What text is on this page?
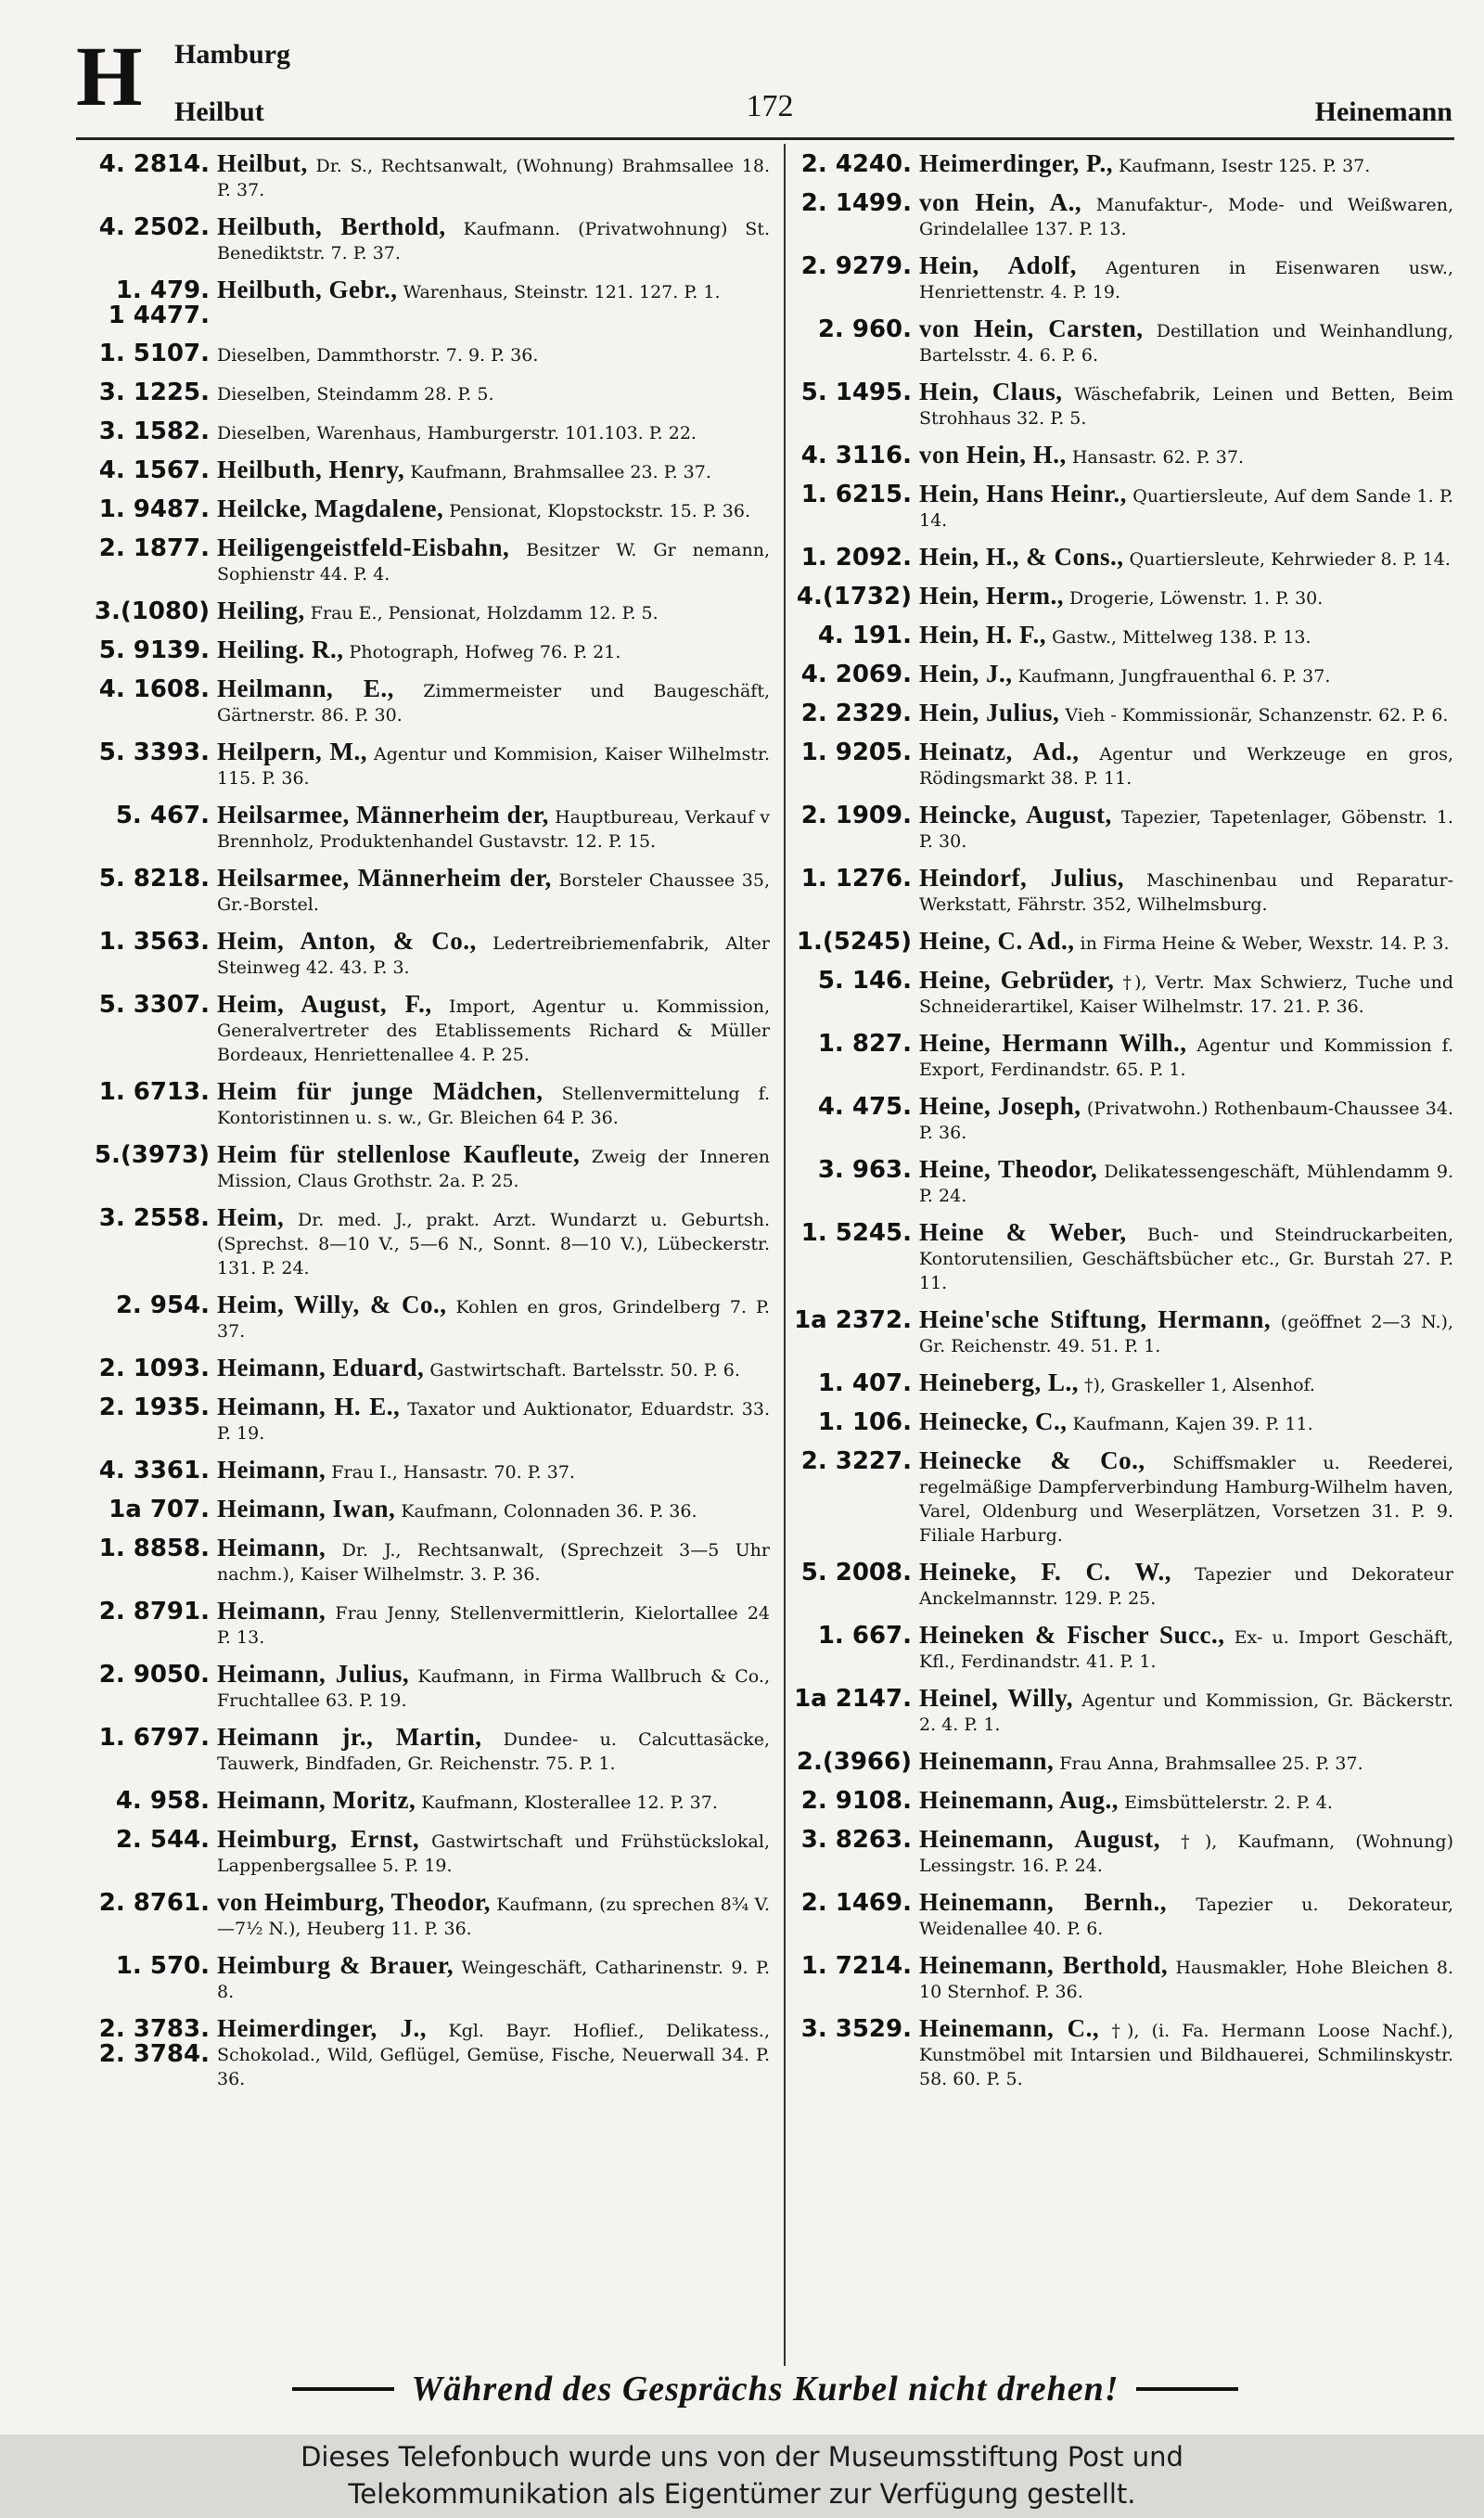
H Hamburg
Heilbut	172	Heinemann
4. 2814. Heilbut, Dr. S., Rechtsanwalt, (Wohnung) Brahmsallee 18. P. 37.
4. 2502. Heilbuth, Berthold, Kaufmann. (Privatwohnung) St. Benediktstr. 7. P. 37.
1. 479.
1 4477.
Heilbuth, Gebr., Warenhaus, Steinstr. 121. 127. P. 1.
1. 5107. Dieselben, Dammthorstr. 7. 9. P. 36.
3. 1225. Dieselben, Steindamm 28. P. 5.
3. 1582. Dieselben, Warenhaus, Hamburgerstr. 101.103. P. 22.
4. 1567. Heilbuth, Henry, Kaufmann, Brahmsallee 23. P. 37.
1. 9487. Heilcke, Magdalene, Pensionat, Klopstockstr. 15. P. 36.
2. 1877. Heiligengeistfeld-Eisbahn, Besitzer W. Gr nemann, Sophienstr 44. P. 4.
3.(1080) Heiling, Frau E., Pensionat, Holzdamm 12. P. 5.
5. 9139. Heiling. R., Photograph, Hofweg 76. P. 21.
4. 1608. Heilmann, E., Zimmermeister und Baugeschäft, Gärtnerstr. 86. P. 30.
5. 3393. Heilpern, M., Agentur und Kommision, Kaiser Wilhelmstr. 115. P. 36.
5. 467. Heilsarmee, Männerheim der, Hauptbureau, Verkauf v Brennholz, Produktenhandel Gustavstr. 12. P. 15.
5. 8218. Heilsarmee, Männerheim der, Borsteler Chaussee 35, Gr.-Borstel.
1. 3563. Heim, Anton, & Co., Ledertreibriemenfabrik, Alter Steinweg 42. 43. P. 3.
5. 3307. Heim, August, F., Import, Agentur u. Kommission, Generalvertreter des Etablissements Richard & Müller Bordeaux, Henriettenallee 4. P. 25.
1. 6713. Heim für junge Mädchen, Stellenvermittelung f. Kontoristinnen u. s. w., Gr. Bleichen 64 P. 36.
5.(3973) Heim für stellenlose Kaufleute, Zweig der Inneren Mission, Claus Grothstr. 2a. P. 25.
3. 2558. Heim, Dr. med. J., prakt. Arzt. Wundarzt u. Geburtsh. (Sprechst. 8—10 V., 5—6 N., Sonnt. 8—10 V.), Lübeckerstr. 131. P. 24.
2. 954. Heim, Willy, & Co., Kohlen en gros, Grindelberg 7. P. 37.
2. 1093. Heimann, Eduard, Gastwirtschaft. Bartelsstr. 50. P. 6.
2. 1935. Heimann, H. E., Taxator und Auktionator, Eduardstr. 33. P. 19.
4. 3361. Heimann, Frau I., Hansastr. 70. P. 37.
1a 707. Heimann, Iwan, Kaufmann, Colonnaden 36. P. 36.
1. 8858. Heimann, Dr. J., Rechtsanwalt, (Sprechzeit 3—5 Uhr nachm.), Kaiser Wilhelmstr. 3. P. 36.
2. 8791. Heimann, Frau Jenny, Stellenvermittlerin, Kielortallee 24 P. 13.
2. 9050. Heimann, Julius, Kaufmann, in Firma Wallbruch & Co., Fruchtallee 63. P. 19.
1. 6797. Heimann jr., Martin, Dundee- u. Calcuttasäcke, Tauwerk, Bindfaden, Gr. Reichenstr. 75. P. 1.
4. 958. Heimann, Moritz, Kaufmann, Klosterallee 12. P. 37.
2. 544. Heimburg, Ernst, Gastwirtschaft und Frühstückslokal, Lappenbergsallee 5. P. 19.
2. 8761. von Heimburg, Theodor, Kaufmann, (zu sprechen 8¾ V.—7½ N.), Heuberg 11. P. 36.
1. 570. Heimburg & Brauer, Weingeschäft, Catharinenstr. 9. P. 8.
2. 3783.
2. 3784.
Heimerdinger, J., Kgl. Bayr. Hoflief., Delikatess., Schokolad., Wild, Geflügel, Gemüse, Fische, Neuerwall 34. P. 36.
2. 4240. Heimerdinger, P., Kaufmann, Isestr 125. P. 37.
2. 1499. von Hein, A., Manufaktur-, Mode- und Weißwaren, Grindelallee 137. P. 13.
2. 9279. Hein, Adolf, Agenturen in Eisenwaren usw., Henriettenstr. 4. P. 19.
2. 960. von Hein, Carsten, Destillation und Weinhandlung, Bartelsstr. 4. 6. P. 6.
5. 1495. Hein, Claus, Wäschefabrik, Leinen und Betten, Beim Strohhaus 32. P. 5.
4. 3116. von Hein, H., Hansastr. 62. P. 37.
1. 6215. Hein, Hans Heinr., Quartiersleute, Auf dem Sande 1. P. 14.
1. 2092. Hein, H., & Cons., Quartiersleute, Kehrwieder 8. P. 14.
4.(1732) Hein, Herm., Drogerie, Löwenstr. 1. P. 30.
4. 191. Hein, H. F., Gastw., Mittelweg 138. P. 13.
4. 2069. Hein, J., Kaufmann, Jungfrauenthal 6. P. 37.
2. 2329. Hein, Julius, Vieh - Kommissionär, Schanzenstr. 62. P. 6.
1. 9205. Heinatz, Ad., Agentur und Werkzeuge en gros, Rödingsmarkt 38. P. 11.
2. 1909. Heincke, August, Tapezier, Tapetenlager, Göbenstr. 1. P. 30.
1. 1276. Heindorf, Julius, Maschinenbau und Reparatur-Werkstatt, Fährstr. 352, Wilhelmsburg.
1.(5245) Heine, C. Ad., in Firma Heine & Weber, Wexstr. 14. P. 3.
5. 146. Heine, Gebrüder, †), Vertr. Max Schwierz, Tuche und Schneiderartikel, Kaiser Wilhelmstr. 17. 21. P. 36.
1. 827. Heine, Hermann Wilh., Agentur und Kommission f. Export, Ferdinandstr. 65. P. 1.
4. 475. Heine, Joseph, (Privatwohn.) Rothenbaum-Chaussee 34. P. 36.
3. 963. Heine, Theodor, Delikatessengeschäft, Mühlendamm 9. P. 24.
1. 5245. Heine & Weber, Buch- und Steindruckarbeiten, Kontorutensilien, Geschäftsbücher etc., Gr. Burstah 27. P. 11.
1a 2372. Heine'sche Stiftung, Hermann, (geöffnet 2—3 N.), Gr. Reichenstr. 49. 51. P. 1.
1. 407. Heineberg, L., †), Graskeller 1, Alsenhof.
1. 106. Heinecke, C., Kaufmann, Kajen 39. P. 11.
2. 3227. Heinecke & Co., Schiffsmakler u. Reederei, regelmäßige Dampferverbindung Hamburg-Wilhelm haven, Varel, Oldenburg und Weserplätzen, Vorsetzen 31. P. 9. Filiale Harburg.
5. 2008. Heineke, F. C. W., Tapezier und Dekorateur Anckelmannstr. 129. P. 25.
1. 667. Heineken & Fischer Succ., Ex- u. Import Geschäft, Kfl., Ferdinandstr. 41. P. 1.
1a 2147. Heinel, Willy, Agentur und Kommission, Gr. Bäckerstr. 2. 4. P. 1.
2.(3966) Heinemann, Frau Anna, Brahmsallee 25. P. 37.
2. 9108. Heinemann, Aug., Eimsbüttelerstr. 2. P. 4.
3. 8263. Heinemann, August, †), Kaufmann, (Wohnung) Lessingstr. 16. P. 24.
2. 1469. Heinemann, Bernh., Tapezier u. Dekorateur, Weidenallee 40. P. 6.
1. 7214. Heinemann, Berthold, Hausmakler, Hohe Bleichen 8. 10 Sternhof. P. 36.
3. 3529. Heinemann, C., †), (i. Fa. Hermann Loose Nachf.), Kunstmöbel mit Intarsien und Bildhauerei, Schmilinskystr. 58. 60. P. 5.
Während des Gesprächs Kurbel nicht drehen!
Dieses Telefonbuch wurde uns von der Museumsstiftung Post und
Telekommunikation als Eigentümer zur Verfügung gestellt.
